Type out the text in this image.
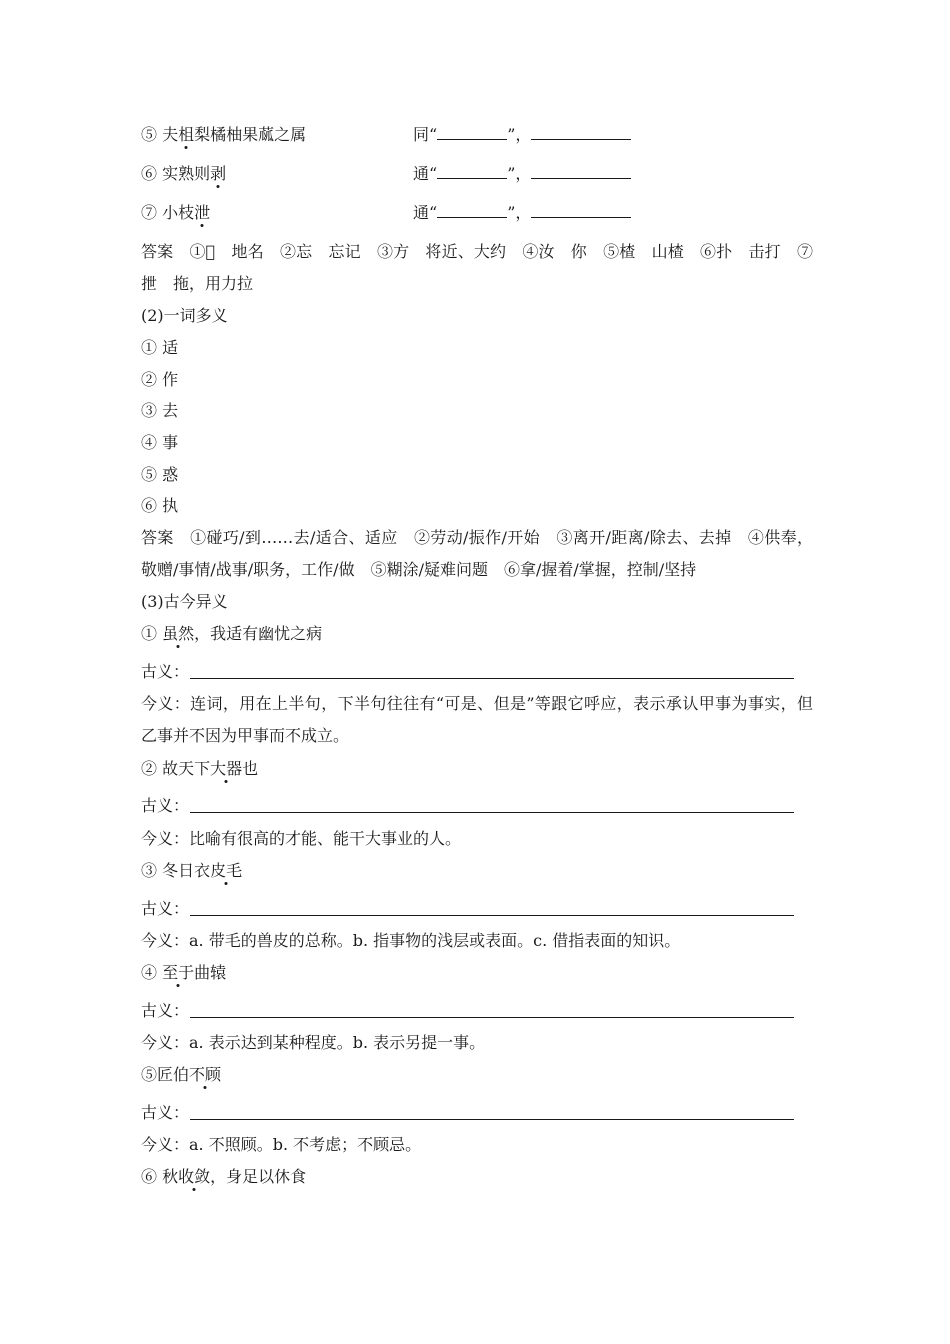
⑤ 夫柤梨橘柚果蓏之属	同“	”，
⑥ 实熟则剥	通“	”，
⑦ 小枝泄	通“	”，
答案　①𪨆　地名　②忘　忘记　③方　将近、大约　④汝　你　⑤楂　山楂　⑥扑　击打　⑦抴　拖，用力拉
(2)一词多义
① 适
② 作
③ 去
④ 事
⑤ 惑
⑥ 执
答案　①碰巧/到……去/适合、适应　②劳动/振作/开始　③离开/距离/除去、去掉　④供奉，敬赠/事情/战事/职务，工作/做　⑤糊涂/疑难问题　⑥拿/握着/掌握，控制/坚持
(3)古今异义
① 虽然，我适有幽忧之病
古义：
今义：连词，用在上半句，下半句往往有“可是、但是”等跟它呼应，表示承认甲事为事实，但乙事并不因为甲事而不成立。
② 故天下大器也
古义：
今义：比喻有很高的才能、能干大事业的人。
③ 冬日衣皮毛
古义：
今义：a. 带毛的兽皮的总称。b. 指事物的浅层或表面。c. 借指表面的知识。
④ 至于曲辕
古义：
今义：a. 表示达到某种程度。b. 表示另提一事。
⑤匠伯不顾
古义：
今义：a. 不照顾。b. 不考虑；不顾忌。
⑥ 秋收敛，身足以休食
